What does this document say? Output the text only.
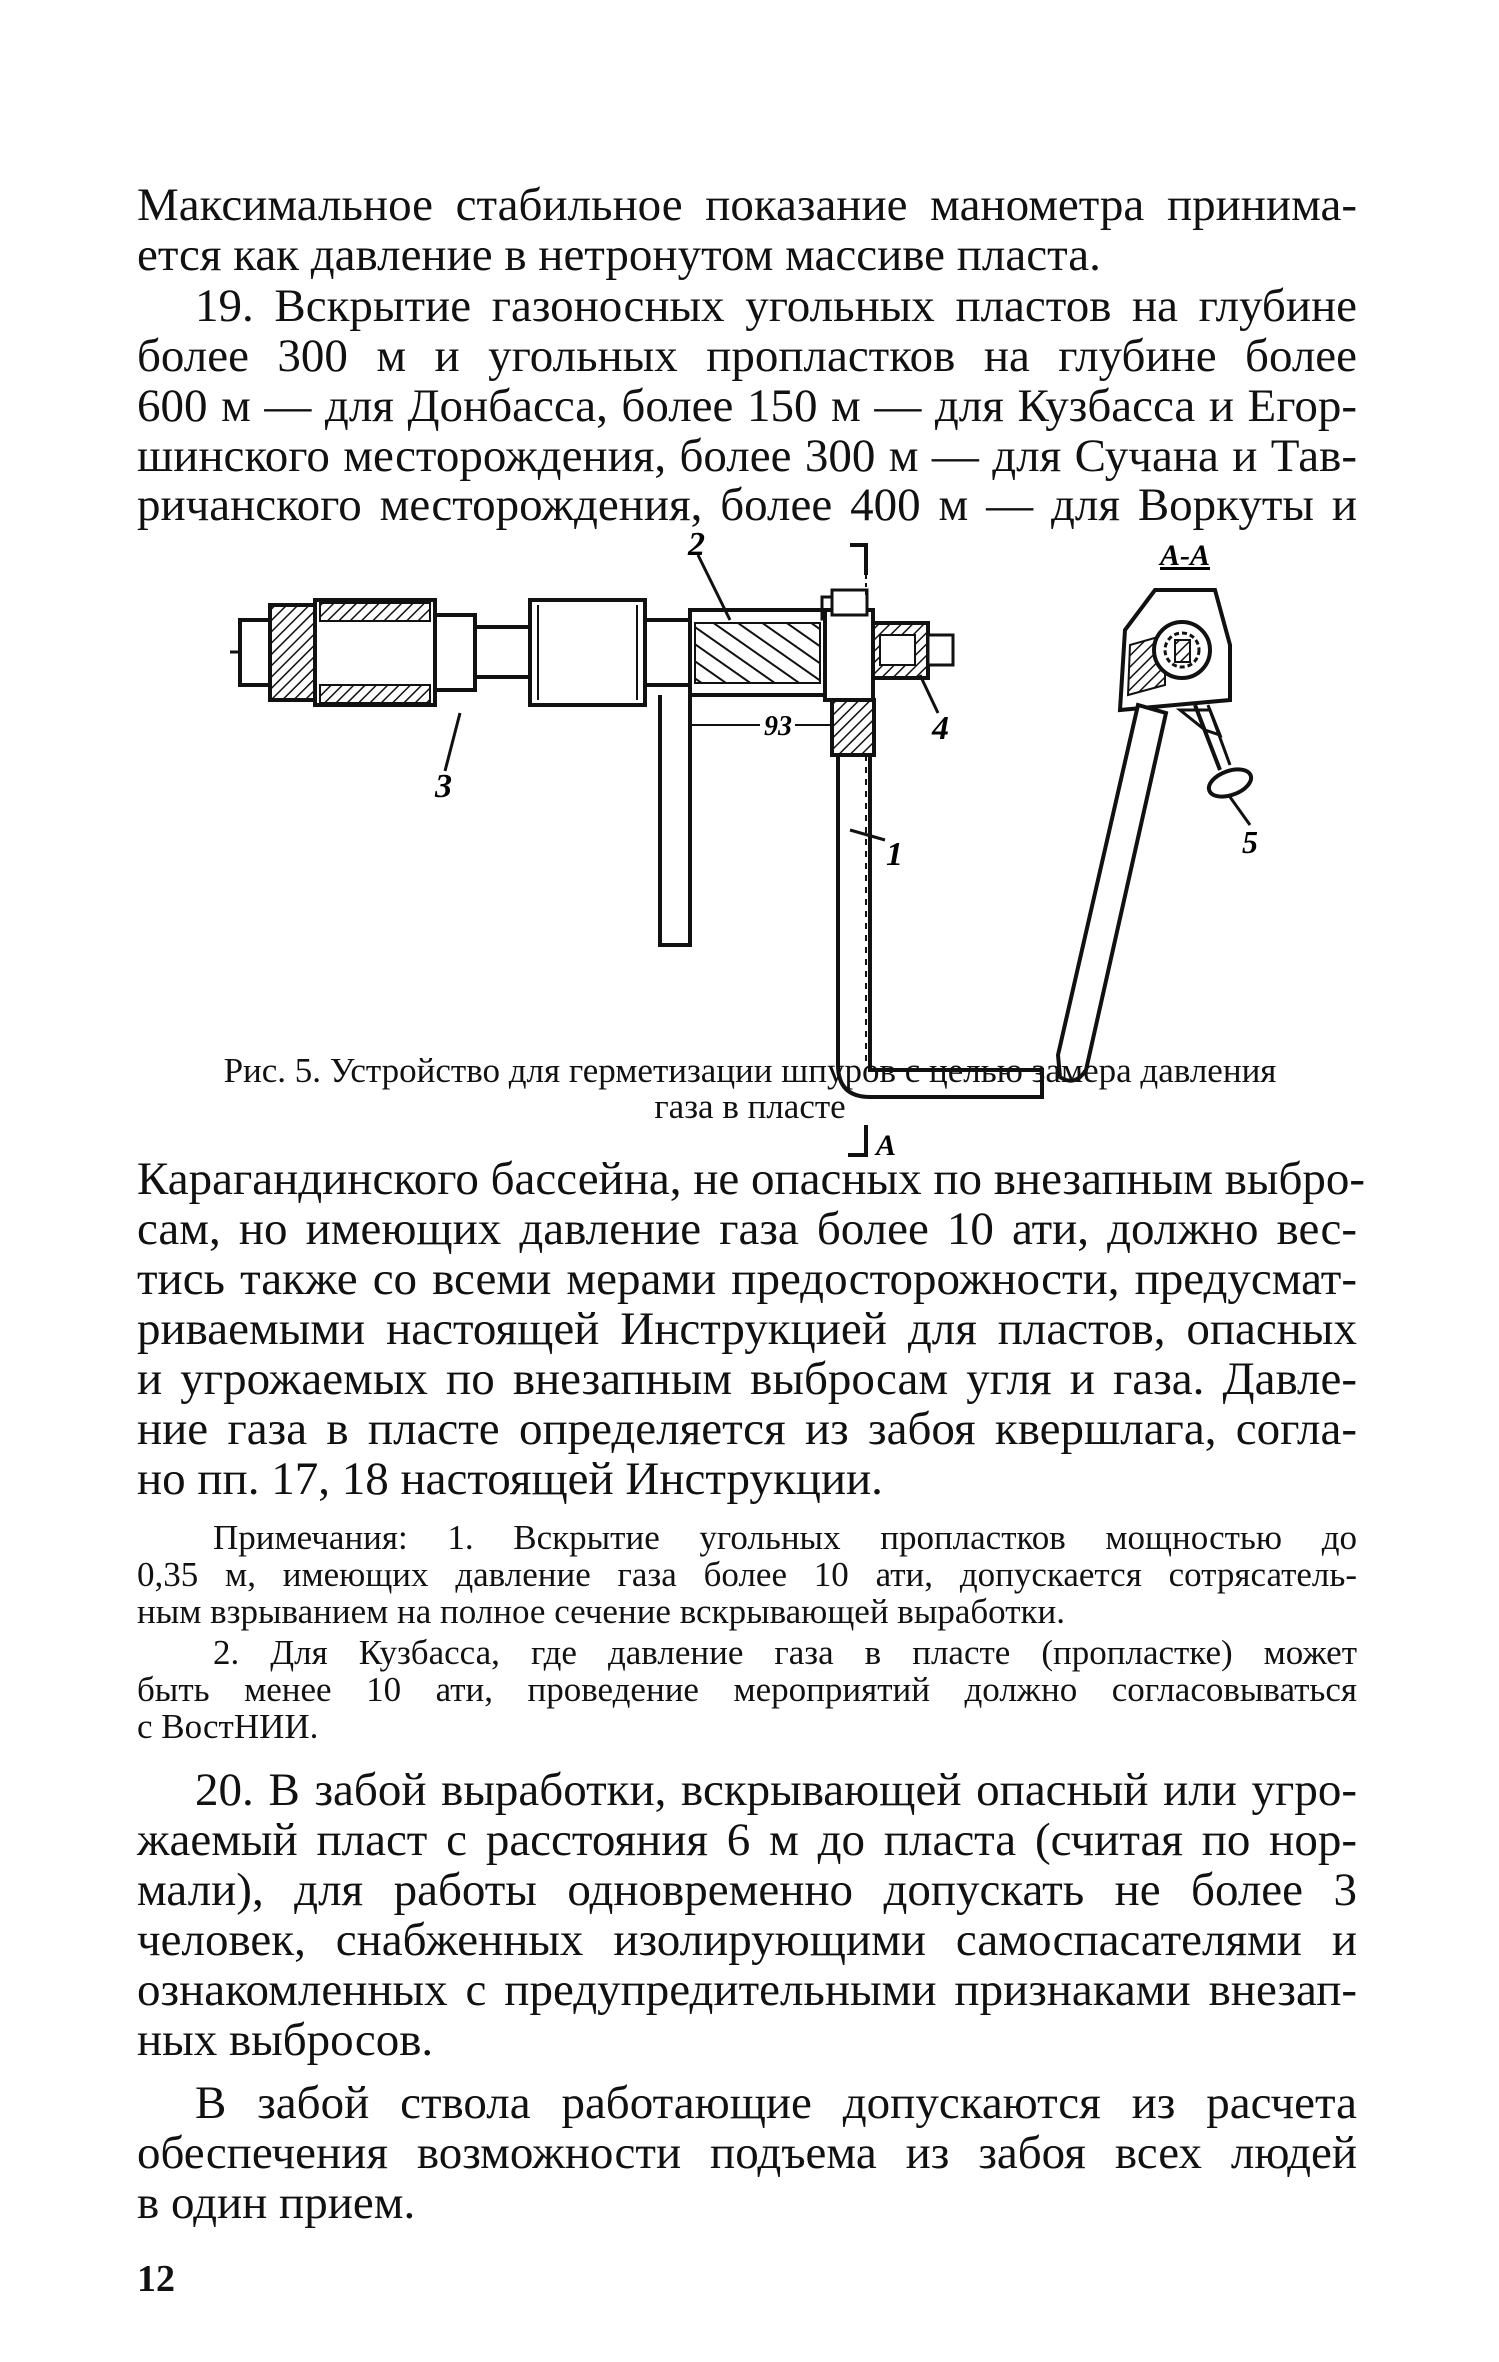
Максимальное стабильное показание манометра принима-
ется как давление в нетронутом массиве пласта.
19. Вскрытие газоносных угольных пластов на глубине
более 300 м и угольных пропластков на глубине более
600 м — для Донбасса, более 150 м — для Кузбасса и Егор-
шинского месторождения, более 300 м — для Сучана и Тав-
ричанского месторождения, более 400 м — для Воркуты и
3
2
4
1
93
А
А-А
5
Рис. 5. Устройство для герметизации шпуров с целью замера давления
газа в пласте
Карагандинского бассейна, не опасных по внезапным выбро-
сам, но имеющих давление газа более 10 ати, должно вес-
тись также со всеми мерами предосторожности, предусмат-
риваемыми настоящей Инструкцией для пластов, опасных
и угрожаемых по внезапным выбросам угля и газа. Давле-
ние газа в пласте определяется из забоя квершлага, согла-
но пп. 17, 18 настоящей Инструкции.
Примечания: 1. Вскрытие угольных пропластков мощностью до
0,35 м, имеющих давление газа более 10 ати, допускается сотрясатель-
ным взрыванием на полное сечение вскрывающей выработки.
2. Для Кузбасса, где давление газа в пласте (пропластке) может
быть менее 10 ати, проведение мероприятий должно согласовываться
с ВостНИИ.
20. В забой выработки, вскрывающей опасный или угро-
жаемый пласт с расстояния 6 м до пласта (считая по нор-
мали), для работы одновременно допускать не более 3
человек, снабженных изолирующими самоспасателями и
ознакомленных с предупредительными признаками внезап-
ных выбросов.
В забой ствола работающие допускаются из расчета
обеспечения возможности подъема из забоя всех людей
в один прием.
12
